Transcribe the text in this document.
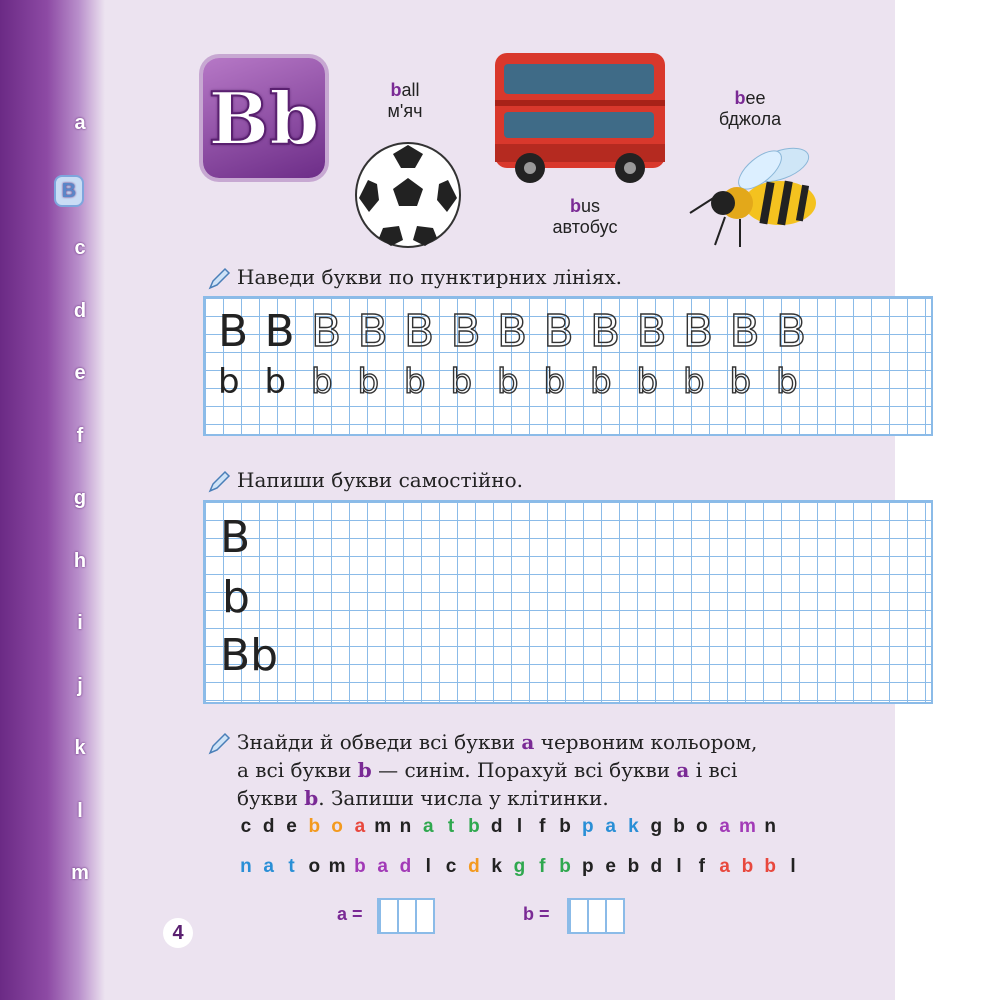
a
B
c
d
e
f
g
h
i
j
k
l
m
4
Bb	ball
м'яч
bus
автобус
bee
бджола
Наведи букви по пунктирних лініях.
B
b
B
b
B
b
B
b
B
b
B
b
B
b
B
b
B
b
B
b
B
b
B
b
B
b
Напиши букви самостійно.
B
b
Bb
Знайди й обведи всі букви a червоним кольором,
а всі букви b — синім. Порахуй всі букви a і всі
букви b. Запиши числа у клітинки.
c d e b o a m n a t b d l f b p a k g b o a m n
n a t o m b a d l c d k g f b p e b d l f a b b l
a =	b =
